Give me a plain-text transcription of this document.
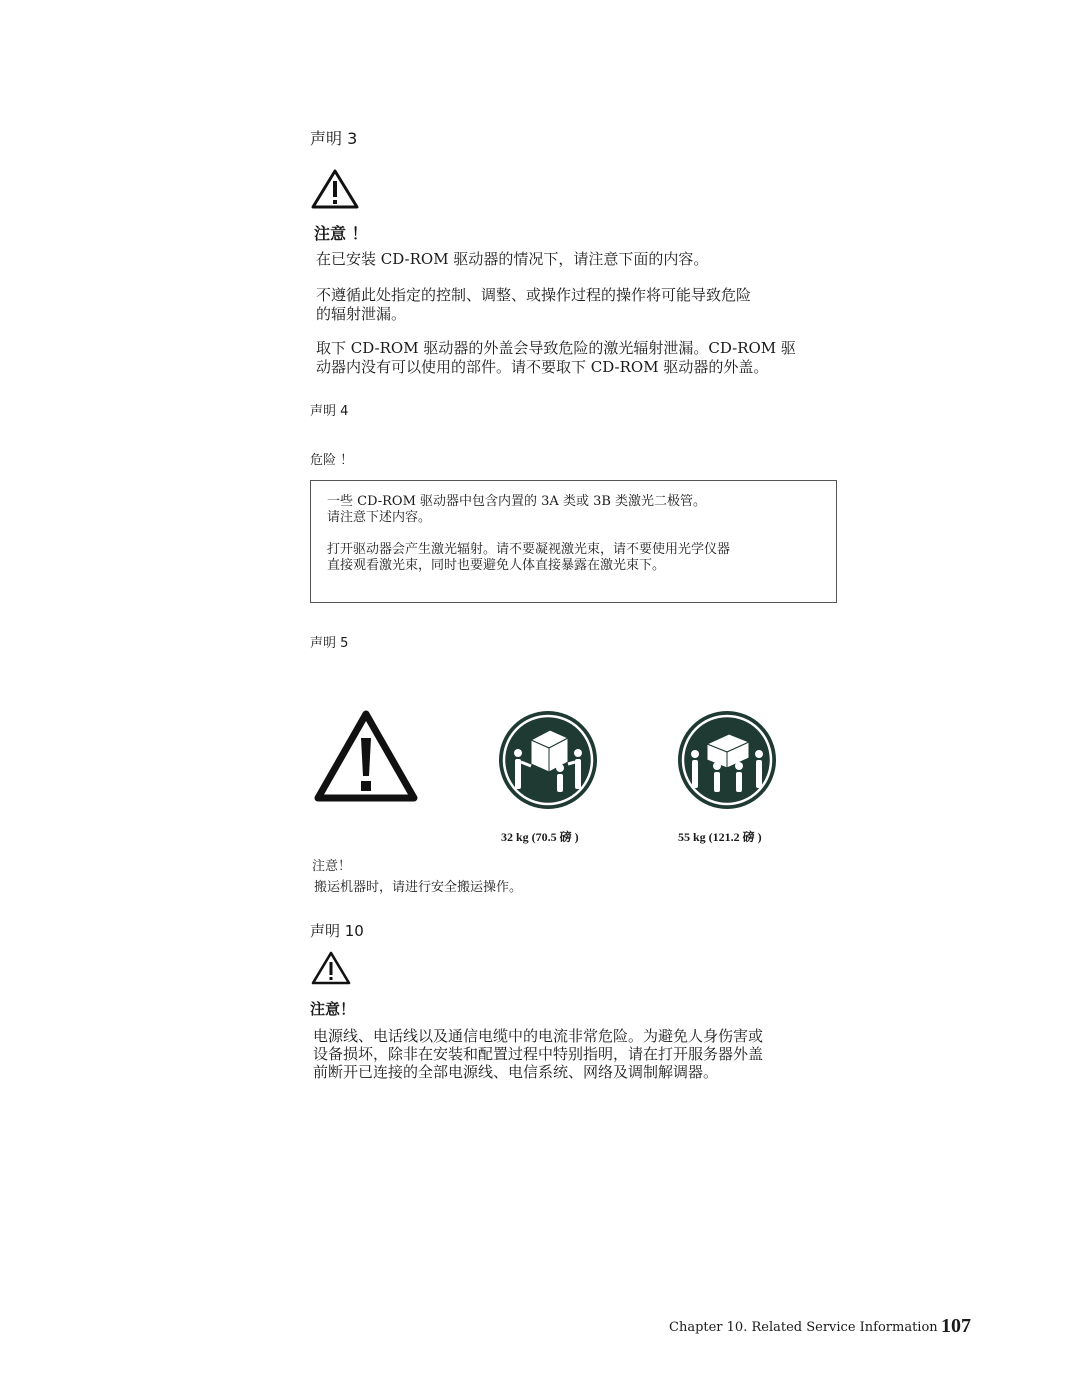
声明 3
注意 ！
在已安装 CD-ROM 驱动器的情况下，请注意下面的内容。
不遵循此处指定的控制、调整、或操作过程的操作将可能导致危险
的辐射泄漏。
取下 CD-ROM 驱动器的外盖会导致危险的激光辐射泄漏。CD-ROM 驱
动器内没有可以使用的部件。请不要取下 CD-ROM 驱动器的外盖。
声明 4
危险 ！
一些 CD-ROM 驱动器中包含内置的 3A 类或 3B 类激光二极管。
请注意下述内容。
打开驱动器会产生激光辐射。请不要凝视激光束，请不要使用光学仪器
直接观看激光束，同时也要避免人体直接暴露在激光束下。
声明 5
32 kg (70.5 磅 )	55 kg (121.2 磅 )
注意！
搬运机器时，请进行安全搬运操作。
声明 10
注意！
电源线、电话线以及通信电缆中的电流非常危险。为避免人身伤害或
设备损坏，除非在安装和配置过程中特别指明，请在打开服务器外盖
前断开已连接的全部电源线、电信系统、网络及调制解调器。
Chapter 10. Related Service Information 107
